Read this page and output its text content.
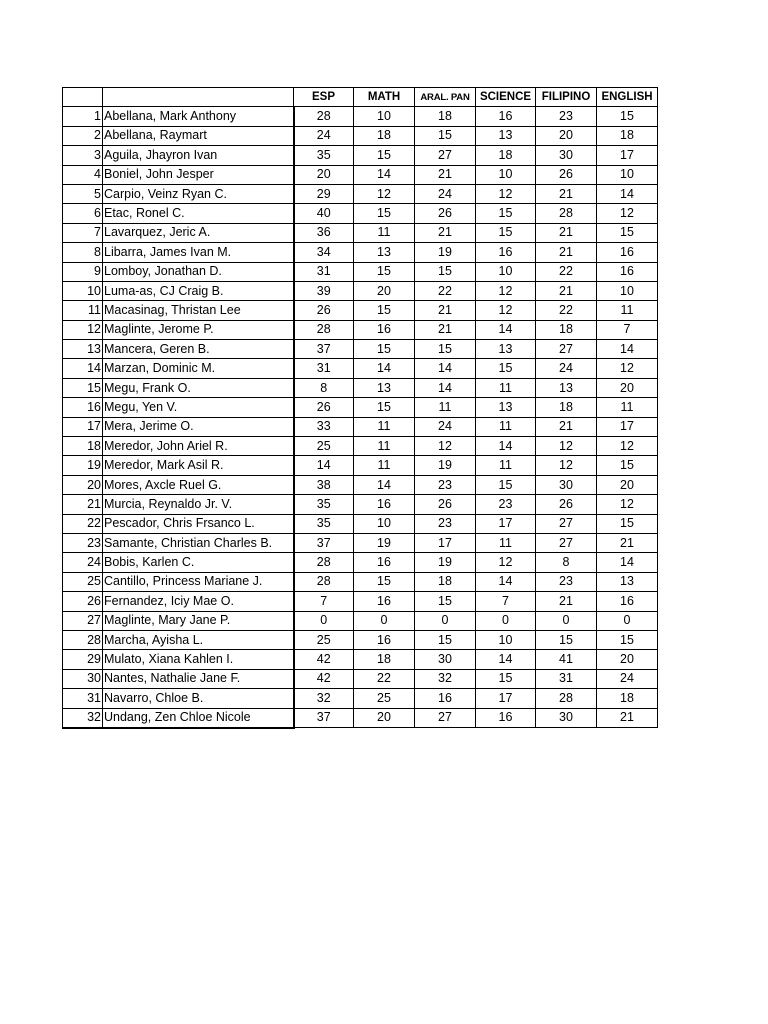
		ESP	MATH	ARAL. PAN	SCIENCE	FILIPINO	ENGLISH
1	Abellana, Mark Anthony	28	10	18	16	23	15
2	Abellana, Raymart	24	18	15	13	20	18
3	Aguila, Jhayron Ivan	35	15	27	18	30	17
4	Boniel, John Jesper	20	14	21	10	26	10
5	Carpio, Veinz Ryan C.	29	12	24	12	21	14
6	Etac, Ronel C.	40	15	26	15	28	12
7	Lavarquez, Jeric A.	36	11	21	15	21	15
8	Libarra, James Ivan M.	34	13	19	16	21	16
9	Lomboy, Jonathan D.	31	15	15	10	22	16
10	Luma-as, CJ Craig B.	39	20	22	12	21	10
11	Macasinag, Thristan Lee	26	15	21	12	22	11
12	Maglinte, Jerome P.	28	16	21	14	18	7
13	Mancera, Geren B.	37	15	15	13	27	14
14	Marzan, Dominic M.	31	14	14	15	24	12
15	Megu, Frank O.	8	13	14	11	13	20
16	Megu, Yen V.	26	15	11	13	18	11
17	Mera, Jerime O.	33	11	24	11	21	17
18	Meredor, John Ariel R.	25	11	12	14	12	12
19	Meredor, Mark Asil R.	14	11	19	11	12	15
20	Mores, Axcle Ruel G.	38	14	23	15	30	20
21	Murcia, Reynaldo Jr. V.	35	16	26	23	26	12
22	Pescador, Chris Frsanco L.	35	10	23	17	27	15
23	Samante, Christian Charles B.	37	19	17	11	27	21
24	Bobis, Karlen C.	28	16	19	12	8	14
25	Cantillo, Princess Mariane J.	28	15	18	14	23	13
26	Fernandez, Iciy Mae O.	7	16	15	7	21	16
27	Maglinte, Mary Jane P.	0	0	0	0	0	0
28	Marcha, Ayisha L.	25	16	15	10	15	15
29	Mulato, Xiana Kahlen I.	42	18	30	14	41	20
30	Nantes, Nathalie Jane F.	42	22	32	15	31	24
31	Navarro, Chloe B.	32	25	16	17	28	18
32	Undang, Zen Chloe Nicole	37	20	27	16	30	21
